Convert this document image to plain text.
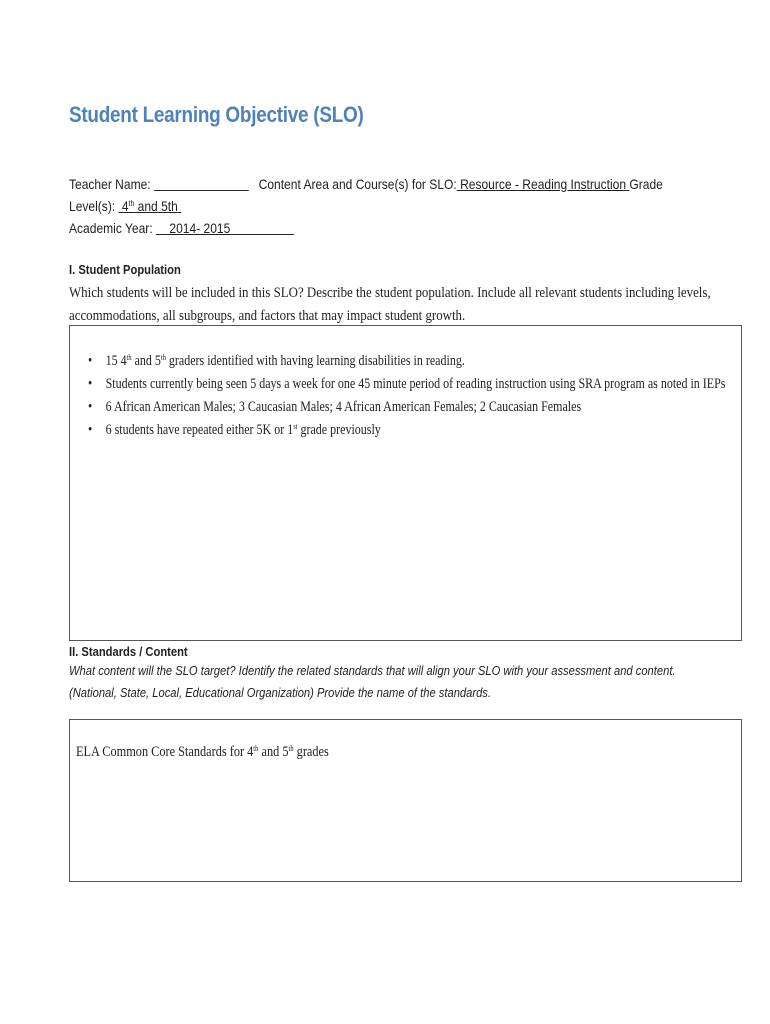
Student Learning Objective (SLO)
Teacher Name:	Content Area and Course(s) for SLO: Resource - Reading Instruction Grade
Level(s): 4th and 5th
Academic Year: 2014- 2015
I. Student Population
Which students will be included in this SLO? Describe the student population. Include all relevant students including levels, accommodations, all subgroups, and factors that may impact student growth.
• 15 4th and 5th graders identified with having learning disabilities in reading.
• Students currently being seen 5 days a week for one 45 minute period of reading instruction using SRA program as noted in IEPs
• 6 African American Males; 3 Caucasian Males; 4 African American Females; 2 Caucasian Females
• 6 students have repeated either 5K or 1st grade previously
II. Standards / Content
What content will the SLO target? Identify the related standards that will align your SLO with your assessment and content.
(National, State, Local, Educational Organization) Provide the name of the standards.
ELA Common Core Standards for 4th and 5th grades
